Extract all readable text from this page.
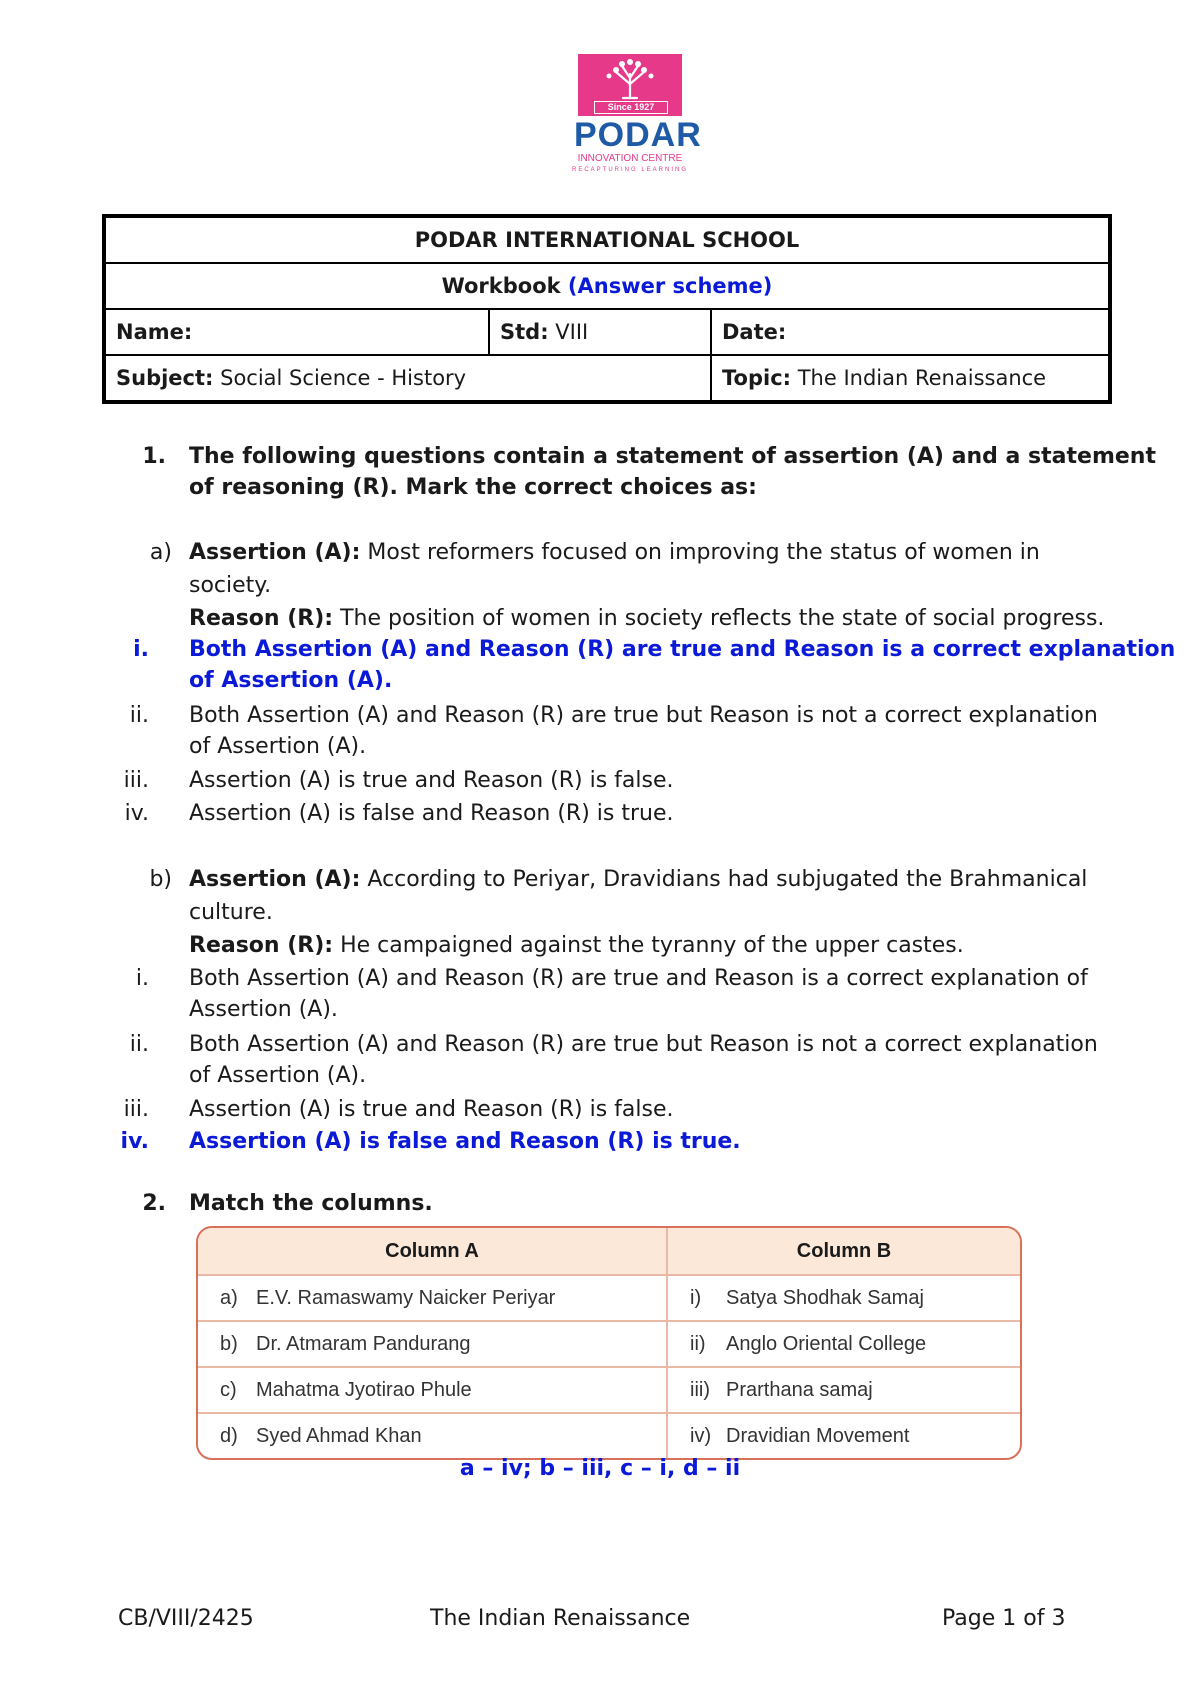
Since 1927
PODAR
INNOVATION CENTRE
RECAPTURING LEARNING
PODAR INTERNATIONAL SCHOOL		
Workbook (Answer scheme)		
Name:	Std: VIII	Date:
Subject: Social Science - History		Topic: The Indian Renaissance
1. The following questions contain a statement of assertion (A) and a statement
of reasoning (R). Mark the correct choices as:
a) Assertion (A): Most reformers focused on improving the status of women in
society.
Reason (R): The position of women in society reflects the state of social progress.
i. Both Assertion (A) and Reason (R) are true and Reason is a correct explanation
of Assertion (A).
ii. Both Assertion (A) and Reason (R) are true but Reason is not a correct explanation
of Assertion (A).
iii. Assertion (A) is true and Reason (R) is false.
iv. Assertion (A) is false and Reason (R) is true.
b) Assertion (A): According to Periyar, Dravidians had subjugated the Brahmanical
culture.
Reason (R): He campaigned against the tyranny of the upper castes.
i. Both Assertion (A) and Reason (R) are true and Reason is a correct explanation of
Assertion (A).
ii. Both Assertion (A) and Reason (R) are true but Reason is not a correct explanation
of Assertion (A).
iii. Assertion (A) is true and Reason (R) is false.
iv. Assertion (A) is false and Reason (R) is true.
2. Match the columns.
Column A	Column B
a) E.V. Ramaswamy Naicker Periyar	i) Satya Shodhak Samaj
b) Dr. Atmaram Pandurang	ii) Anglo Oriental College
c) Mahatma Jyotirao Phule	iii) Prarthana samaj
d) Syed Ahmad Khan	iv) Dravidian Movement
a – iv; b – iii, c – i, d – ii
CB/VIII/2425	The Indian Renaissance	Page 1 of 3
